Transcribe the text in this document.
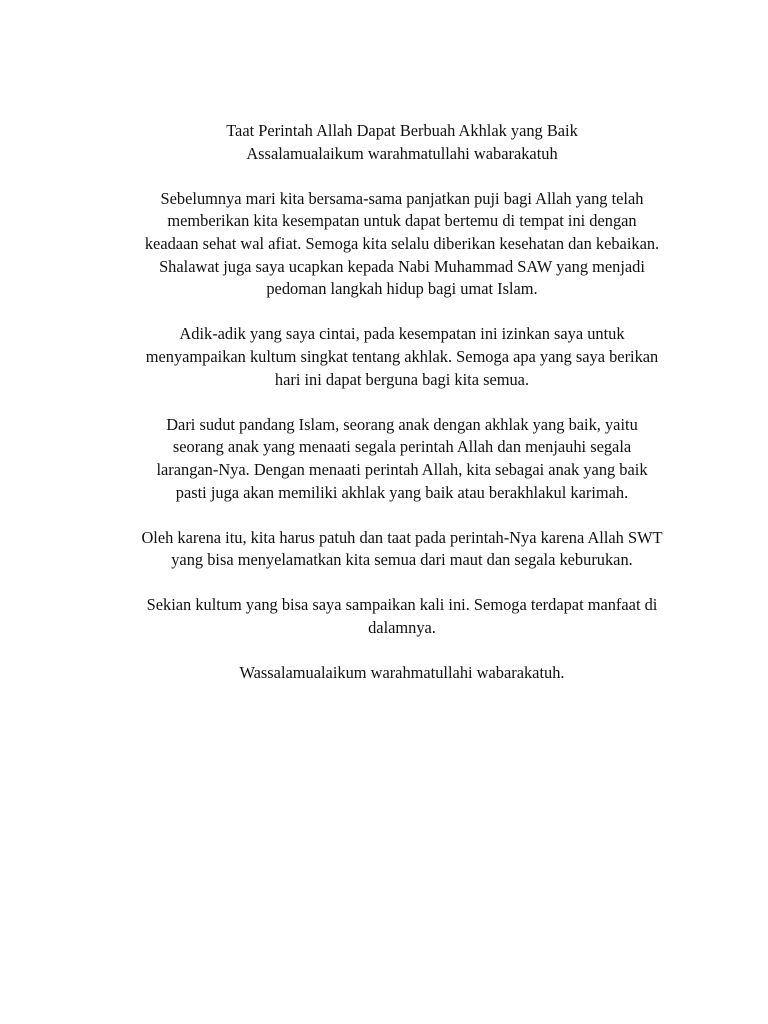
Taat Perintah Allah Dapat Berbuah Akhlak yang Baik

Assalamualaikum warahmatullahi wabarakatuh

Sebelumnya mari kita bersama-sama panjatkan puji bagi Allah yang telah memberikan kita kesempatan untuk dapat bertemu di tempat ini dengan keadaan sehat wal afiat. Semoga kita selalu diberikan kesehatan dan kebaikan. Shalawat juga saya ucapkan kepada Nabi Muhammad SAW yang menjadi pedoman langkah hidup bagi umat Islam.

Adik-adik yang saya cintai, pada kesempatan ini izinkan saya untuk menyampaikan kultum singkat tentang akhlak. Semoga apa yang saya berikan hari ini dapat berguna bagi kita semua.

Dari sudut pandang Islam, seorang anak dengan akhlak yang baik, yaitu seorang anak yang menaati segala perintah Allah dan menjauhi segala larangan-Nya. Dengan menaati perintah Allah, kita sebagai anak yang baik pasti juga akan memiliki akhlak yang baik atau berakhlakul karimah.

Oleh karena itu, kita harus patuh dan taat pada perintah-Nya karena Allah SWT yang bisa menyelamatkan kita semua dari maut dan segala keburukan.

Sekian kultum yang bisa saya sampaikan kali ini. Semoga terdapat manfaat di dalamnya.

Wassalamualaikum warahmatullahi wabarakatuh.
